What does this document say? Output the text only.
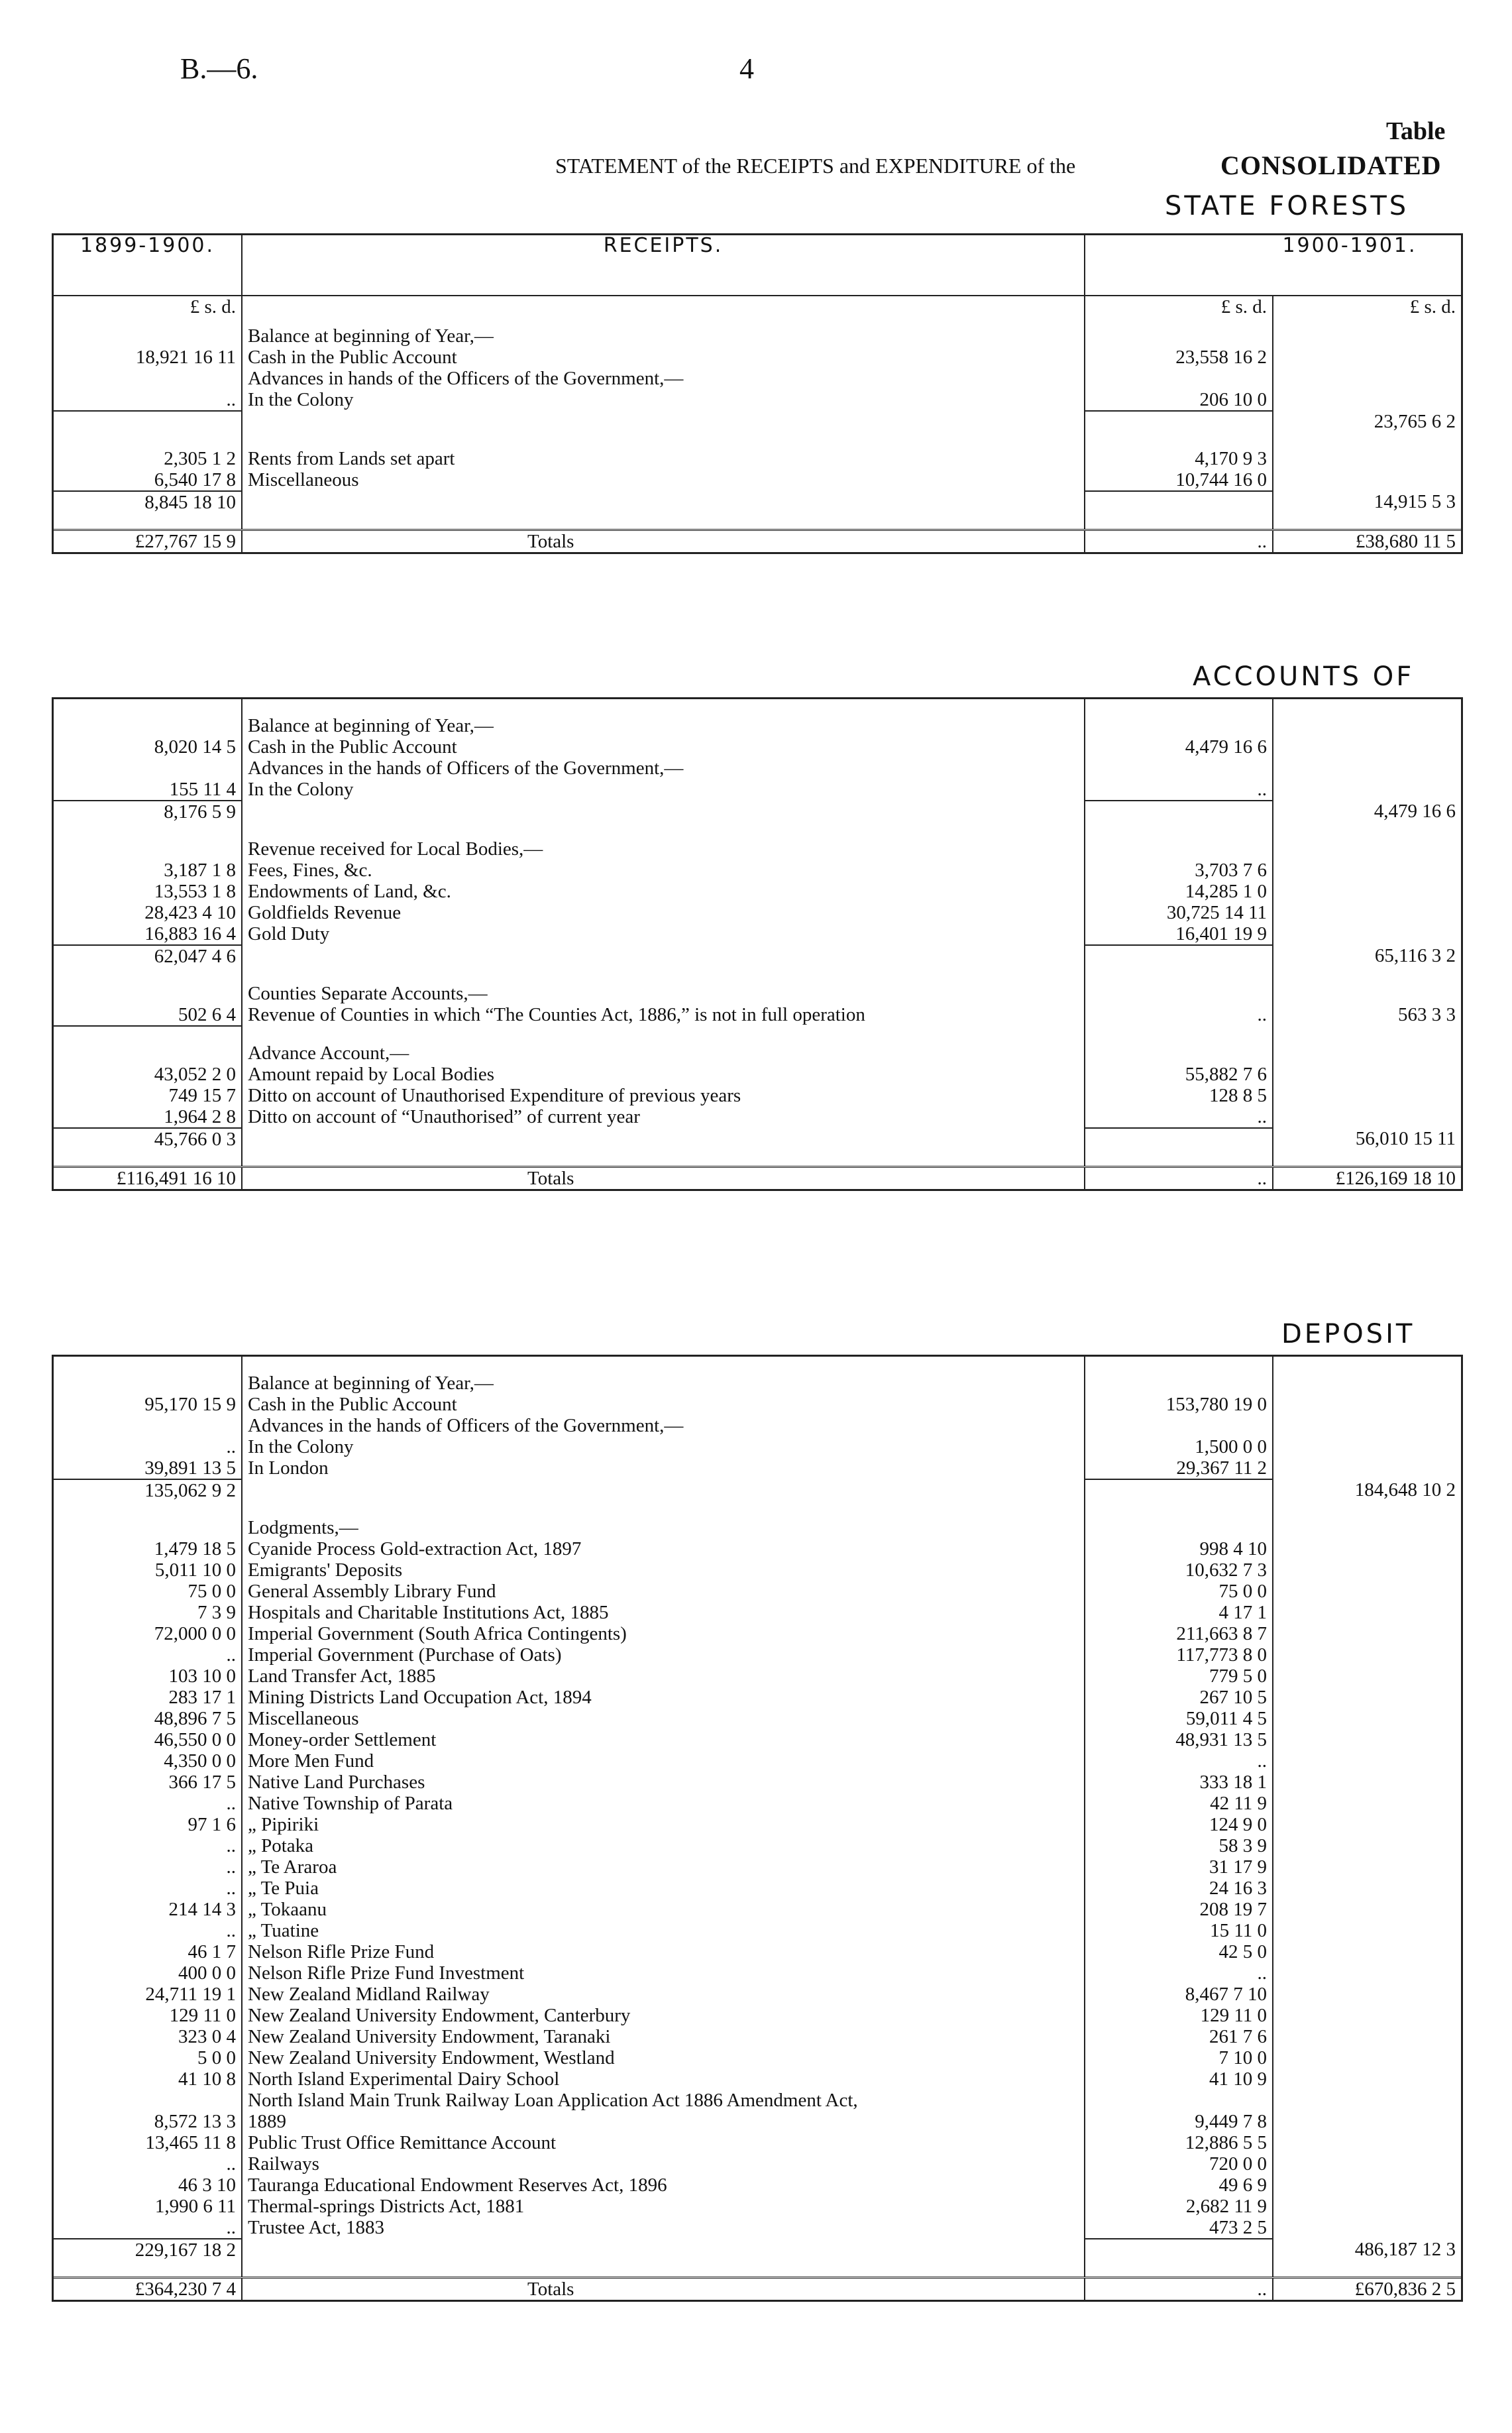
B.—6.	4
Table
STATEMENT of the RECEIPTS and EXPENDITURE of the	CONSOLIDATED
STATE FORESTS
1899-1900.	RECEIPTS.		1900-1901.
£ s. d.		£ s. d.	£ s. d.
	Balance at beginning of Year,—		
18,921 16 11	Cash in the Public Account	23,558 16 2	
	Advances in hands of the Officers of the Government,—		
..	In the Colony	206 10 0	
			23,765 6 2

2,305 1 2	Rents from Lands set apart	4,170 9 3	
6,540 17 8	Miscellaneous	10,744 16 0	
8,845 18 10			14,915 5 3

£27,767 15 9	Totals	..	£38,680 11 5
ACCOUNTS OF

	Balance at beginning of Year,—		
8,020 14 5	Cash in the Public Account	4,479 16 6	
	Advances in the hands of Officers of the Government,—		
155 11 4	In the Colony	..	
8,176 5 9			4,479 16 6

	Revenue received for Local Bodies,—		
3,187 1 8	Fees, Fines, &c.	3,703 7 6	
13,553 1 8	Endowments of Land, &c.	14,285 1 0	
28,423 4 10	Goldfields Revenue	30,725 14 11	
16,883 16 4	Gold Duty	16,401 19 9	
62,047 4 6			65,116 3 2

	Counties Separate Accounts,—		
502 6 4	Revenue of Counties in which “The Counties Act, 1886,” is not in full operation	..	563 3 3

	Advance Account,—		
43,052 2 0	Amount repaid by Local Bodies	55,882 7 6	
749 15 7	Ditto on account of Unauthorised Expenditure of previous years	128 8 5	
1,964 2 8	Ditto on account of “Unauthorised” of current year	..	
45,766 0 3			56,010 15 11

£116,491 16 10	Totals	..	£126,169 18 10
DEPOSIT

	Balance at beginning of Year,—		
95,170 15 9	Cash in the Public Account	153,780 19 0	
	Advances in the hands of Officers of the Government,—		
..	In the Colony	1,500 0 0	
39,891 13 5	In London	29,367 11 2	
135,062 9 2			184,648 10 2

	Lodgments,—		
1,479 18 5	Cyanide Process Gold-extraction Act, 1897	998 4 10	
5,011 10 0	Emigrants' Deposits	10,632 7 3	
75 0 0	General Assembly Library Fund	75 0 0	
7 3 9	Hospitals and Charitable Institutions Act, 1885	4 17 1	
72,000 0 0	Imperial Government (South Africa Contingents)	211,663 8 7	
..	Imperial Government (Purchase of Oats)	117,773 8 0	
103 10 0	Land Transfer Act, 1885	779 5 0	
283 17 1	Mining Districts Land Occupation Act, 1894	267 10 5	
48,896 7 5	Miscellaneous	59,011 4 5	
46,550 0 0	Money-order Settlement	48,931 13 5	
4,350 0 0	More Men Fund	..	
366 17 5	Native Land Purchases	333 18 1	
..	Native Township of Parata	42 11 9	
97 1 6	„ Pipiriki	124 9 0	
..	„ Potaka	58 3 9	
..	„ Te Araroa	31 17 9	
..	„ Te Puia	24 16 3	
214 14 3	„ Tokaanu	208 19 7	
..	„ Tuatine	15 11 0	
46 1 7	Nelson Rifle Prize Fund	42 5 0	
400 0 0	Nelson Rifle Prize Fund Investment	..	
24,711 19 1	New Zealand Midland Railway	8,467 7 10	
129 11 0	New Zealand University Endowment, Canterbury	129 11 0	
323 0 4	New Zealand University Endowment, Taranaki	261 7 6	
5 0 0	New Zealand University Endowment, Westland	7 10 0	
41 10 8	North Island Experimental Dairy School	41 10 9	
	North Island Main Trunk Railway Loan Application Act 1886 Amendment Act,		
8,572 13 3	1889	9,449 7 8	
13,465 11 8	Public Trust Office Remittance Account	12,886 5 5	
..	Railways	720 0 0	
46 3 10	Tauranga Educational Endowment Reserves Act, 1896	49 6 9	
1,990 6 11	Thermal-springs Districts Act, 1881	2,682 11 9	
..	Trustee Act, 1883	473 2 5	
229,167 18 2			486,187 12 3

£364,230 7 4	Totals	..	£670,836 2 5
